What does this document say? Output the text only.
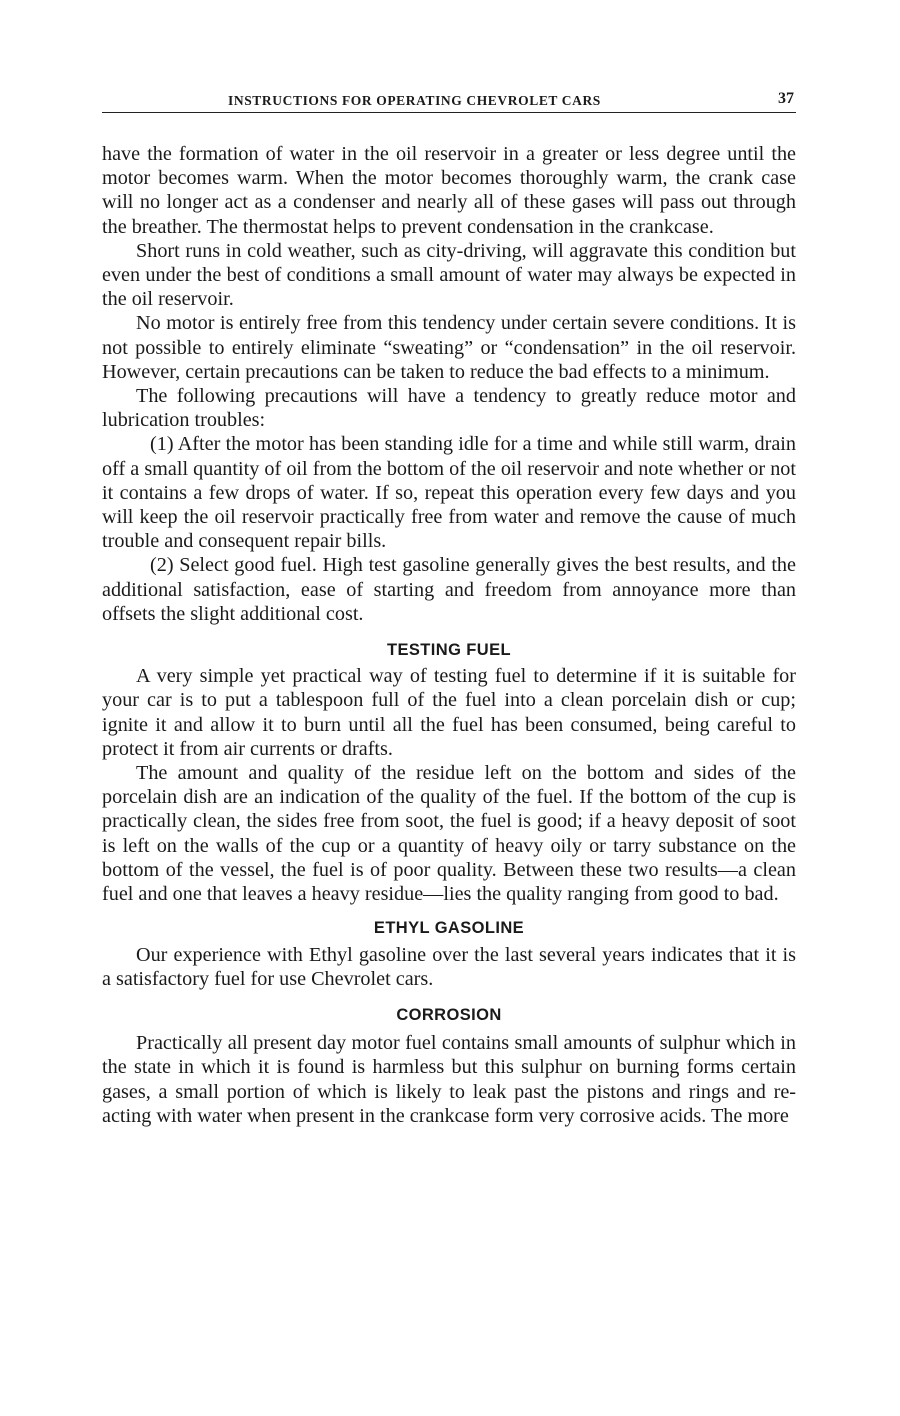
INSTRUCTIONS FOR OPERATING CHEVROLET CARS	37

have the formation of water in the oil reservoir in a greater or less degree until the motor becomes warm. When the motor becomes thoroughly warm, the crank case will no longer act as a condenser and nearly all of these gases will pass out through the breather. The thermostat helps to prevent condensation in the crankcase.

Short runs in cold weather, such as city-driving, will aggravate this condition but even under the best of conditions a small amount of water may always be expected in the oil reservoir.

No motor is entirely free from this tendency under certain severe conditions. It is not possible to entirely eliminate “sweating” or “condensation” in the oil reservoir. However, certain precautions can be taken to reduce the bad effects to a minimum.

The following precautions will have a tendency to greatly reduce motor and lubrication troubles:

(1) After the motor has been standing idle for a time and while still warm, drain off a small quantity of oil from the bottom of the oil reservoir and note whether or not it contains a few drops of water. If so, repeat this operation every few days and you will keep the oil reservoir practically free from water and remove the cause of much trouble and consequent repair bills.

(2) Select good fuel. High test gasoline generally gives the best results, and the additional satisfaction, ease of starting and freedom from annoyance more than offsets the slight additional cost.

TESTING FUEL

A very simple yet practical way of testing fuel to determine if it is suitable for your car is to put a tablespoon full of the fuel into a clean porcelain dish or cup; ignite it and allow it to burn until all the fuel has been consumed, being careful to protect it from air currents or drafts.

The amount and quality of the residue left on the bottom and sides of the porcelain dish are an indication of the quality of the fuel. If the bottom of the cup is practically clean, the sides free from soot, the fuel is good; if a heavy deposit of soot is left on the walls of the cup or a quantity of heavy oily or tarry substance on the bottom of the vessel, the fuel is of poor quality. Between these two results—a clean fuel and one that leaves a heavy residue—lies the quality ranging from good to bad.

ETHYL GASOLINE

Our experience with Ethyl gasoline over the last several years indicates that it is a satisfactory fuel for use Chevrolet cars.

CORROSION

Practically all present day motor fuel contains small amounts of sulphur which in the state in which it is found is harmless but this sulphur on burning forms certain gases, a small portion of which is likely to leak past the pistons and rings and re-acting with water when present in the crankcase form very corrosive acids. The more
